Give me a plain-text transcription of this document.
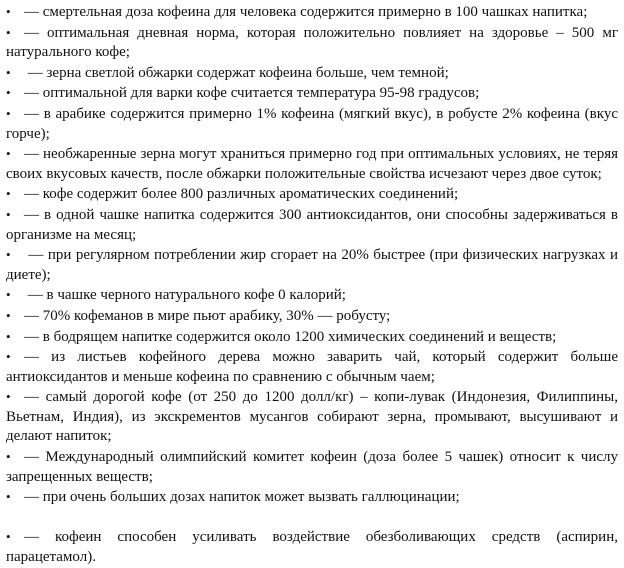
• — смертельная доза кофеина для человека содержится примерно в 100 чашках напитка;

• — оптимальная дневная норма, которая положительно повлияет на здоровье – 500 мг натурального кофе;

• — зерна светлой обжарки содержат кофеина больше, чем темной;

• — оптимальной для варки кофе считается температура 95-98 градусов;

• — в арабике содержится примерно 1% кофеина (мягкий вкус), в робусте 2% кофеина (вкус горче);

• — необжаренные зерна могут храниться примерно год при оптимальных условиях, не теряя своих вкусовых качеств, после обжарки положительные свойства исчезают через двое суток;

• — кофе содержит более 800 различных ароматических соединений;

• — в одной чашке напитка содержится 300 антиоксидантов, они способны задерживаться в организме на месяц;

• — при регулярном потреблении жир сгорает на 20% быстрее (при физических нагрузках и диете);

• — в чашке черного натурального кофе 0 калорий;

• — 70% кофеманов в мире пьют арабику, 30% — робусту;

• — в бодрящем напитке содержится около 1200 химических соединений и веществ;

• — из листьев кофейного дерева можно заварить чай, который содержит больше антиоксидантов и меньше кофеина по сравнению с обычным чаем;

• — самый дорогой кофе (от 250 до 1200 долл/кг) – копи-лувак (Индонезия, Филиппины, Вьетнам, Индия), из экскрементов мусангов собирают зерна, промывают, высушивают и делают напиток;

• — Международный олимпийский комитет кофеин (доза более 5 чашек) относит к числу запрещенных веществ;

• — при очень больших дозах напиток может вызвать галлюцинации;

• — кофеин способен усиливать воздействие обезболивающих средств (аспирин, парацетамол).
